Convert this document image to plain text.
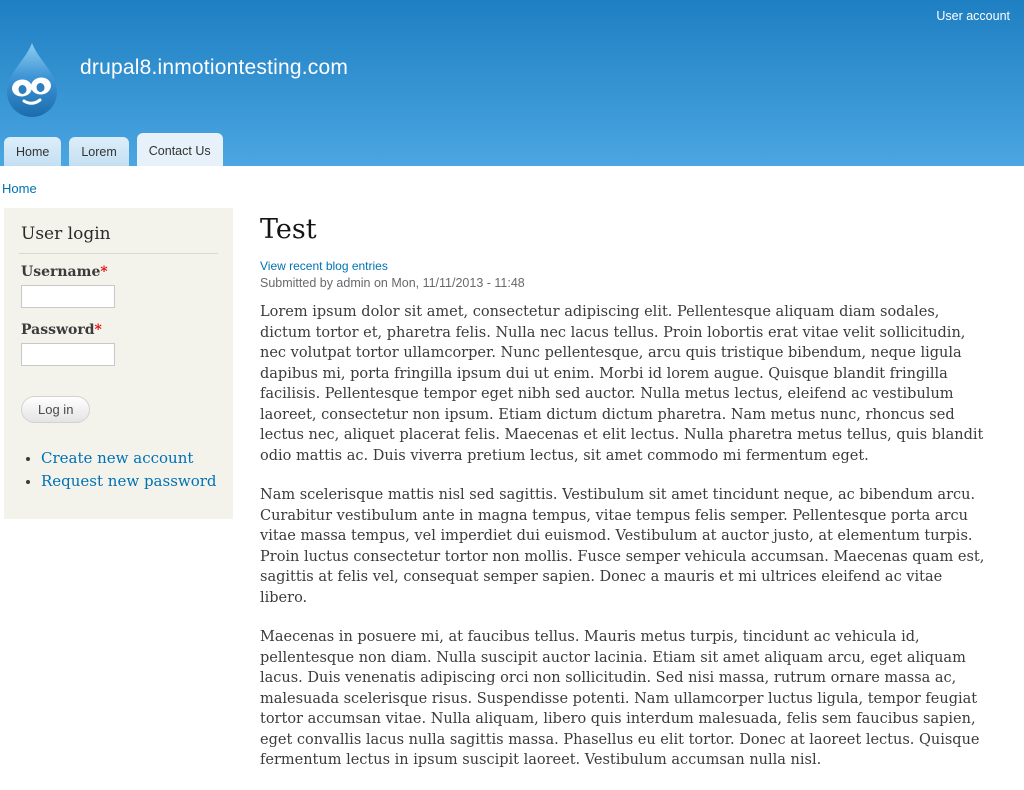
User account
drupal8.inmotiontesting.com
Home	Lorem	Contact Us
Home
User login
Username*
Password*
Log in
• Create new account
• Request new password
Test
View recent blog entries
Submitted by admin on Mon, 11/11/2013 - 11:48

Lorem ipsum dolor sit amet, consectetur adipiscing elit. Pellentesque aliquam diam sodales, dictum tortor et, pharetra felis. Nulla nec lacus tellus. Proin lobortis erat vitae velit sollicitudin, nec volutpat tortor ullamcorper. Nunc pellentesque, arcu quis tristique bibendum, neque ligula dapibus mi, porta fringilla ipsum dui ut enim. Morbi id lorem augue. Quisque blandit fringilla facilisis. Pellentesque tempor eget nibh sed auctor. Nulla metus lectus, eleifend ac vestibulum laoreet, consectetur non ipsum. Etiam dictum dictum pharetra. Nam metus nunc, rhoncus sed lectus nec, aliquet placerat felis. Maecenas et elit lectus. Nulla pharetra metus tellus, quis blandit odio mattis ac. Duis viverra pretium lectus, sit amet commodo mi fermentum eget.

Nam scelerisque mattis nisl sed sagittis. Vestibulum sit amet tincidunt neque, ac bibendum arcu. Curabitur vestibulum ante in magna tempus, vitae tempus felis semper. Pellentesque porta arcu vitae massa tempus, vel imperdiet dui euismod. Vestibulum at auctor justo, at elementum turpis. Proin luctus consectetur tortor non mollis. Fusce semper vehicula accumsan. Maecenas quam est, sagittis at felis vel, consequat semper sapien. Donec a mauris et mi ultrices eleifend ac vitae libero.

Maecenas in posuere mi, at faucibus tellus. Mauris metus turpis, tincidunt ac vehicula id, pellentesque non diam. Nulla suscipit auctor lacinia. Etiam sit amet aliquam arcu, eget aliquam lacus. Duis venenatis adipiscing orci non sollicitudin. Sed nisi massa, rutrum ornare massa ac, malesuada scelerisque risus. Suspendisse potenti. Nam ullamcorper luctus ligula, tempor feugiat tortor accumsan vitae. Nulla aliquam, libero quis interdum malesuada, felis sem faucibus sapien, eget convallis lacus nulla sagittis massa. Phasellus eu elit tortor. Donec at laoreet lectus. Quisque fermentum lectus in ipsum suscipit laoreet. Vestibulum accumsan nulla nisl.
